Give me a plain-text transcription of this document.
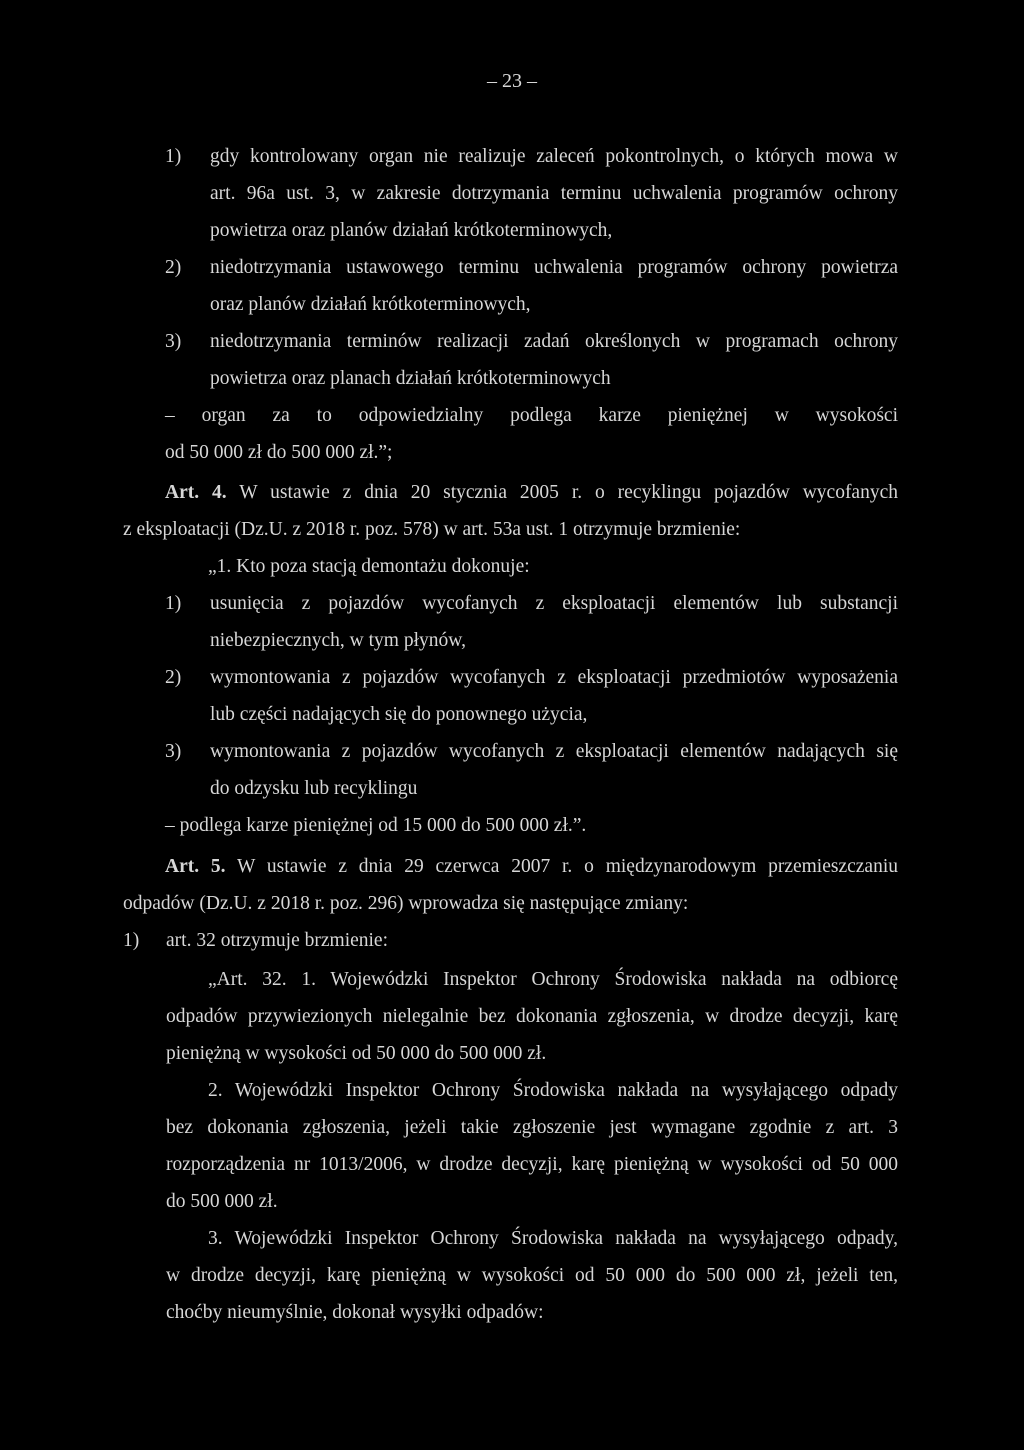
– 23 –
1) gdy kontrolowany organ nie realizuje zaleceń pokontrolnych, o których mowa w
art. 96a ust. 3, w zakresie dotrzymania terminu uchwalenia programów ochrony
powietrza oraz planów działań krótkoterminowych,
2) niedotrzymania ustawowego terminu uchwalenia programów ochrony powietrza
oraz planów działań krótkoterminowych,
3) niedotrzymania terminów realizacji zadań określonych w programach ochrony
powietrza oraz planach działań krótkoterminowych
– organ za to odpowiedzialny podlega karze pieniężnej w wysokości
od 50 000 zł do 500 000 zł.”;
Art. 4. W ustawie z dnia 20 stycznia 2005 r. o recyklingu pojazdów wycofanych
z eksploatacji (Dz.U. z 2018 r. poz. 578) w art. 53a ust. 1 otrzymuje brzmienie:
„1. Kto poza stacją demontażu dokonuje:
1) usunięcia z pojazdów wycofanych z eksploatacji elementów lub substancji
niebezpiecznych, w tym płynów,
2) wymontowania z pojazdów wycofanych z eksploatacji przedmiotów wyposażenia
lub części nadających się do ponownego użycia,
3) wymontowania z pojazdów wycofanych z eksploatacji elementów nadających się
do odzysku lub recyklingu
– podlega karze pieniężnej od 15 000 do 500 000 zł.”.
Art. 5. W ustawie z dnia 29 czerwca 2007 r. o międzynarodowym przemieszczaniu
odpadów (Dz.U. z 2018 r. poz. 296) wprowadza się następujące zmiany:
1) art. 32 otrzymuje brzmienie:
„Art. 32. 1. Wojewódzki Inspektor Ochrony Środowiska nakłada na odbiorcę
odpadów przywiezionych nielegalnie bez dokonania zgłoszenia, w drodze decyzji, karę
pieniężną w wysokości od 50 000 do 500 000 zł.
2. Wojewódzki Inspektor Ochrony Środowiska nakłada na wysyłającego odpady
bez dokonania zgłoszenia, jeżeli takie zgłoszenie jest wymagane zgodnie z art. 3
rozporządzenia nr 1013/2006, w drodze decyzji, karę pieniężną w wysokości od 50 000
do 500 000 zł.
3. Wojewódzki Inspektor Ochrony Środowiska nakłada na wysyłającego odpady,
w drodze decyzji, karę pieniężną w wysokości od 50 000 do 500 000 zł, jeżeli ten,
choćby nieumyślnie, dokonał wysyłki odpadów:
